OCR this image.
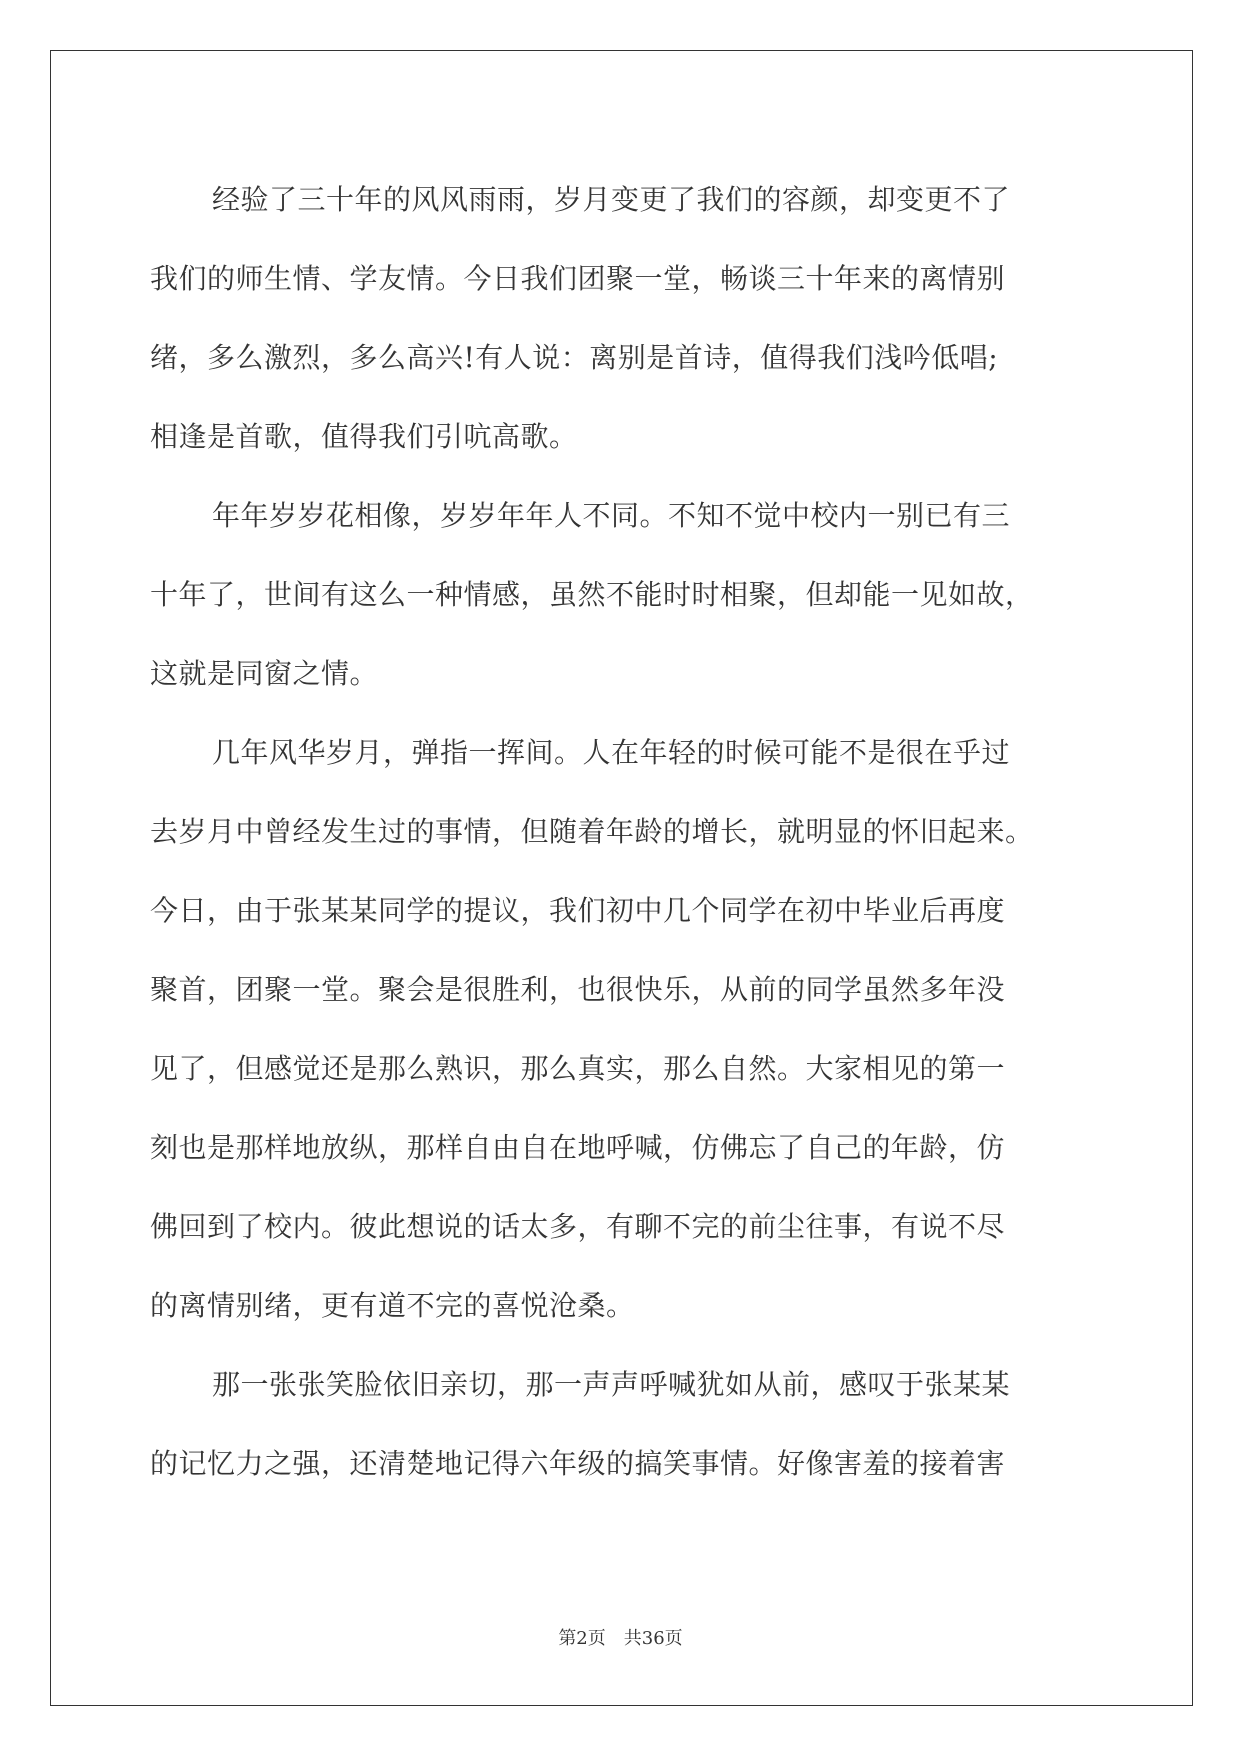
经验了三十年的风风雨雨，岁月变更了我们的容颜，却变更不了
我们的师生情、学友情。今日我们团聚一堂，畅谈三十年来的离情别
绪，多么激烈，多么高兴!有人说：离别是首诗，值得我们浅吟低唱;
相逢是首歌，值得我们引吭高歌。

年年岁岁花相像，岁岁年年人不同。不知不觉中校内一别已有三
十年了，世间有这么一种情感，虽然不能时时相聚，但却能一见如故，
这就是同窗之情。

几年风华岁月，弹指一挥间。人在年轻的时候可能不是很在乎过
去岁月中曾经发生过的事情，但随着年龄的增长，就明显的怀旧起来。
今日，由于张某某同学的提议，我们初中几个同学在初中毕业后再度
聚首，团聚一堂。聚会是很胜利，也很快乐，从前的同学虽然多年没
见了，但感觉还是那么熟识，那么真实，那么自然。大家相见的第一
刻也是那样地放纵，那样自由自在地呼喊，仿佛忘了自己的年龄，仿
佛回到了校内。彼此想说的话太多，有聊不完的前尘往事，有说不尽
的离情别绪，更有道不完的喜悦沧桑。

那一张张笑脸依旧亲切，那一声声呼喊犹如从前，感叹于张某某
的记忆力之强，还清楚地记得六年级的搞笑事情。好像害羞的接着害

第2页 共36页
